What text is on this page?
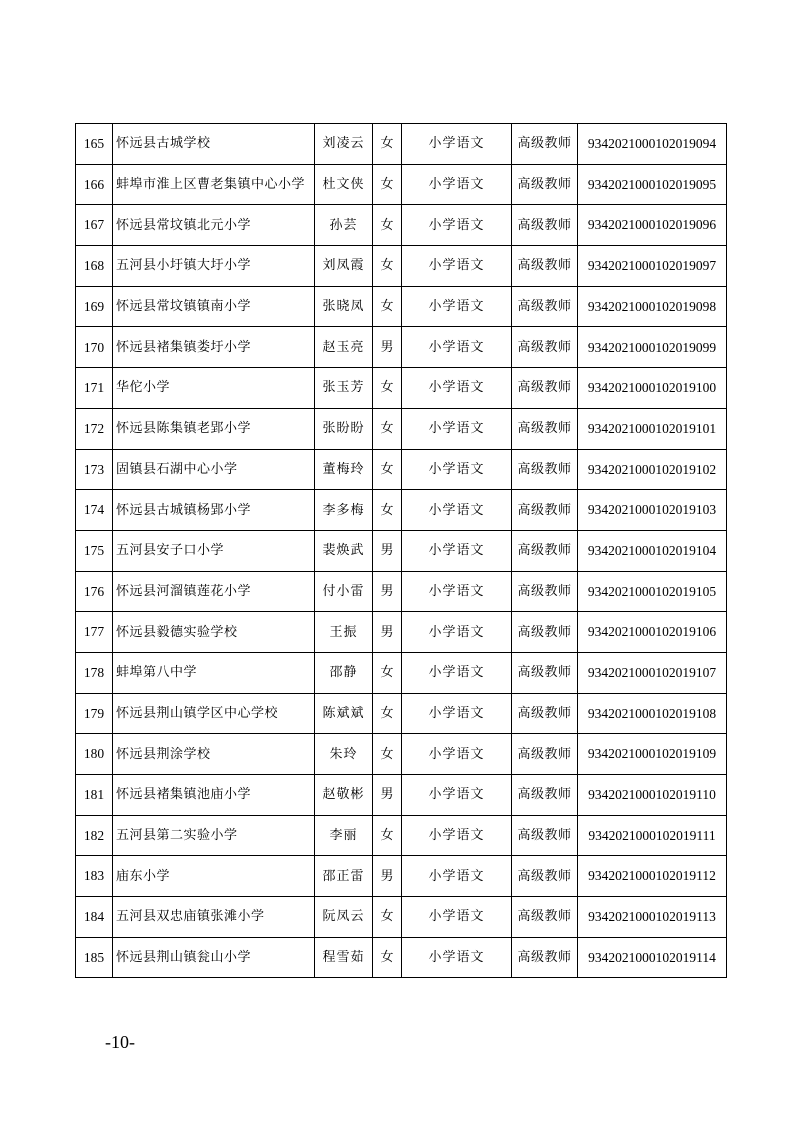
165	怀远县古城学校	刘凌云	女	小学语文	高级教师	9342021000102019094
166	蚌埠市淮上区曹老集镇中心小学	杜文侠	女	小学语文	高级教师	9342021000102019095
167	怀远县常坟镇北元小学	孙芸	女	小学语文	高级教师	9342021000102019096
168	五河县小圩镇大圩小学	刘凤霞	女	小学语文	高级教师	9342021000102019097
169	怀远县常坟镇镇南小学	张晓凤	女	小学语文	高级教师	9342021000102019098
170	怀远县褚集镇娄圩小学	赵玉亮	男	小学语文	高级教师	9342021000102019099
171	华佗小学	张玉芳	女	小学语文	高级教师	9342021000102019100
172	怀远县陈集镇老郢小学	张盼盼	女	小学语文	高级教师	9342021000102019101
173	固镇县石湖中心小学	董梅玲	女	小学语文	高级教师	9342021000102019102
174	怀远县古城镇杨郢小学	李多梅	女	小学语文	高级教师	9342021000102019103
175	五河县安子口小学	裴焕武	男	小学语文	高级教师	9342021000102019104
176	怀远县河溜镇莲花小学	付小雷	男	小学语文	高级教师	9342021000102019105
177	怀远县毅德实验学校	王振	男	小学语文	高级教师	9342021000102019106
178	蚌埠第八中学	邵静	女	小学语文	高级教师	9342021000102019107
179	怀远县荆山镇学区中心学校	陈斌斌	女	小学语文	高级教师	9342021000102019108
180	怀远县荆涂学校	朱玲	女	小学语文	高级教师	9342021000102019109
181	怀远县褚集镇池庙小学	赵敬彬	男	小学语文	高级教师	9342021000102019110
182	五河县第二实验小学	李丽	女	小学语文	高级教师	9342021000102019111
183	庙东小学	邵正雷	男	小学语文	高级教师	9342021000102019112
184	五河县双忠庙镇张滩小学	阮凤云	女	小学语文	高级教师	9342021000102019113
185	怀远县荆山镇瓮山小学	程雪茹	女	小学语文	高级教师	9342021000102019114
-10-
